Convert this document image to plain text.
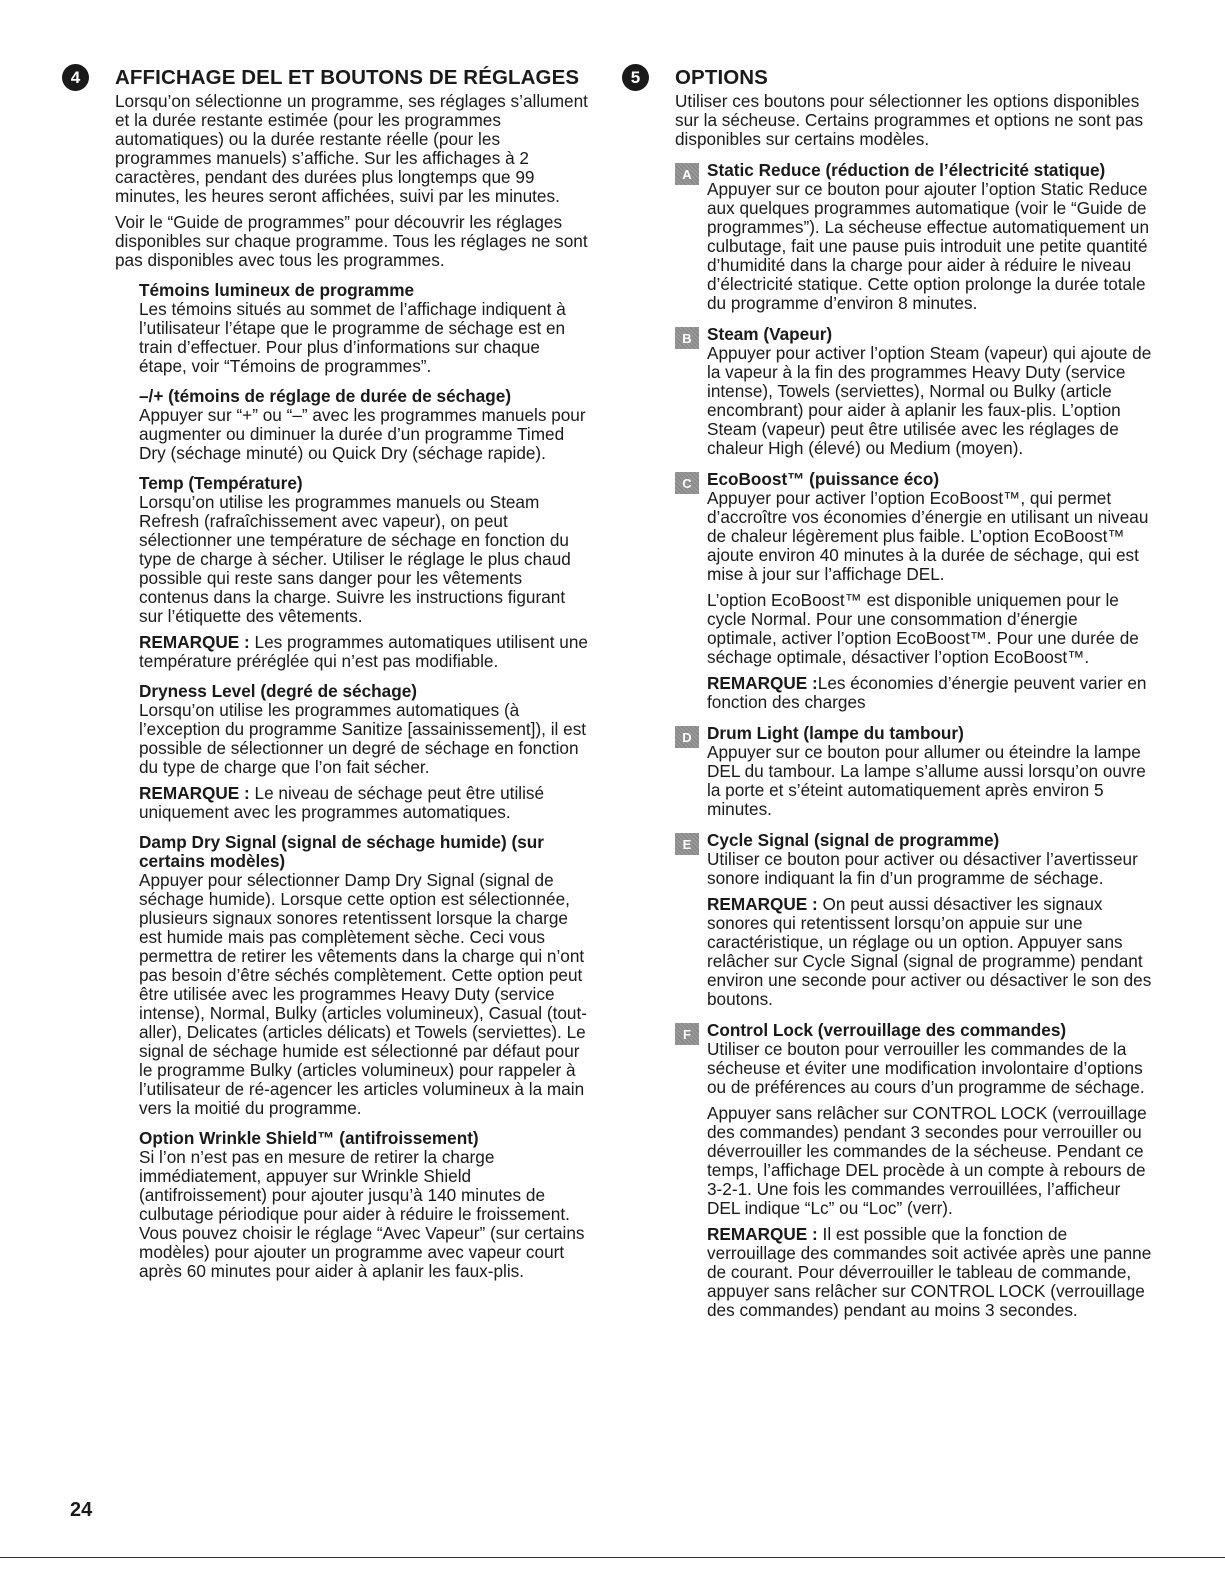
4	AFFICHAGE DEL ET BOUTONS DE RÉGLAGES

Lorsqu’on sélectionne un programme, ses réglages s’allument et la durée restante estimée (pour les programmes automatiques) ou la durée restante réelle (pour les programmes manuels) s’affiche. Sur les affichages à 2 caractères, pendant des durées plus longtemps que 99 minutes, les heures seront affichées, suivi par les minutes.

Voir le “Guide de programmes” pour découvrir les réglages disponibles sur chaque programme. Tous les réglages ne sont pas disponibles avec tous les programmes.

Témoins lumineux de programme

Les témoins situés au sommet de l’affichage indiquent à l’utilisateur l’étape que le programme de séchage est en train d’effectuer. Pour plus d’informations sur chaque étape, voir “Témoins de programmes”.

–/+ (témoins de réglage de durée de séchage)

Appuyer sur “+” ou “–” avec les programmes manuels pour augmenter ou diminuer la durée d’un programme Timed Dry (séchage minuté) ou Quick Dry (séchage rapide).

Temp (Température)

Lorsqu’on utilise les programmes manuels ou Steam Refresh (rafraîchissement avec vapeur), on peut sélectionner une température de séchage en fonction du type de charge à sécher. Utiliser le réglage le plus chaud possible qui reste sans danger pour les vêtements contenus dans la charge. Suivre les instructions figurant sur l’étiquette des vêtements.

REMARQUE : Les programmes automatiques utilisent une température préréglée qui n’est pas modifiable.

Dryness Level (degré de séchage)

Lorsqu’on utilise les programmes automatiques (à l’exception du programme Sanitize [assainissement]), il est possible de sélectionner un degré de séchage en fonction du type de charge que l’on fait sécher.

REMARQUE : Le niveau de séchage peut être utilisé uniquement avec les programmes automatiques.

Damp Dry Signal (signal de séchage humide) (sur certains modèles)

Appuyer pour sélectionner Damp Dry Signal (signal de séchage humide). Lorsque cette option est sélectionnée, plusieurs signaux sonores retentissent lorsque la charge est humide mais pas complètement sèche. Ceci vous permettra de retirer les vêtements dans la charge qui n’ont pas besoin d’être séchés complètement. Cette option peut être utilisée avec les programmes Heavy Duty (service intense), Normal, Bulky (articles volumineux), Casual (tout-aller), Delicates (articles délicats) et Towels (serviettes). Le signal de séchage humide est sélectionné par défaut pour le programme Bulky (articles volumineux) pour rappeler à l’utilisateur de ré-agencer les articles volumineux à la main vers la moitié du programme.

Option Wrinkle Shield™ (antifroissement)

Si l’on n’est pas en mesure de retirer la charge immédiatement, appuyer sur Wrinkle Shield (antifroissement) pour ajouter jusqu’à 140 minutes de culbutage périodique pour aider à réduire le froissement. Vous pouvez choisir le réglage “Avec Vapeur” (sur certains modèles) pour ajouter un programme avec vapeur court après 60 minutes pour aider à aplanir les faux-plis.

5	OPTIONS

Utiliser ces boutons pour sélectionner les options disponibles sur la sécheuse. Certains programmes et options ne sont pas disponibles sur certains modèles.

A Static Reduce (réduction de l’électricité statique)

Appuyer sur ce bouton pour ajouter l’option Static Reduce aux quelques programmes automatique (voir le “Guide de programmes”). La sécheuse effectue automatiquement un culbutage, fait une pause puis introduit une petite quantité d’humidité dans la charge pour aider à réduire le niveau d’électricité statique. Cette option prolonge la durée totale du programme d’environ 8 minutes.

B Steam (Vapeur)

Appuyer pour activer l’option Steam (vapeur) qui ajoute de la vapeur à la fin des programmes Heavy Duty (service intense), Towels (serviettes), Normal ou Bulky (article encombrant) pour aider à aplanir les faux-plis. L’option Steam (vapeur) peut être utilisée avec les réglages de chaleur High (élevé) ou Medium (moyen).

C EcoBoost™ (puissance éco)

Appuyer pour activer l’option EcoBoost™, qui permet d’accroître vos économies d’énergie en utilisant un niveau de chaleur légèrement plus faible. L’option EcoBoost™ ajoute environ 40 minutes à la durée de séchage, qui est mise à jour sur l’affichage DEL.

L’option EcoBoost™ est disponible uniquemen pour le cycle Normal. Pour une consommation d’énergie optimale, activer l’option EcoBoost™. Pour une durée de séchage optimale, désactiver l’option EcoBoost™.

REMARQUE :Les économies d’énergie peuvent varier en fonction des charges

D Drum Light (lampe du tambour)

Appuyer sur ce bouton pour allumer ou éteindre la lampe DEL du tambour. La lampe s’allume aussi lorsqu’on ouvre la porte et s’éteint automatiquement après environ 5 minutes.

E Cycle Signal (signal de programme)

Utiliser ce bouton pour activer ou désactiver l’avertisseur sonore indiquant la fin d’un programme de séchage.

REMARQUE : On peut aussi désactiver les signaux sonores qui retentissent lorsqu’on appuie sur une caractéristique, un réglage ou un option. Appuyer sans relâcher sur Cycle Signal (signal de programme) pendant environ une seconde pour activer ou désactiver le son des boutons.

F Control Lock (verrouillage des commandes)

Utiliser ce bouton pour verrouiller les commandes de la sécheuse et éviter une modification involontaire d’options ou de préférences au cours d’un programme de séchage.

Appuyer sans relâcher sur CONTROL LOCK (verrouillage des commandes) pendant 3 secondes pour verrouiller ou déverrouiller les commandes de la sécheuse. Pendant ce temps, l’affichage DEL procède à un compte à rebours de 3-2-1. Une fois les commandes verrouillées, l’afficheur DEL indique “Lc” ou “Loc” (verr).

REMARQUE : Il est possible que la fonction de verrouillage des commandes soit activée après une panne de courant. Pour déverrouiller le tableau de commande, appuyer sans relâcher sur CONTROL LOCK (verrouillage des commandes) pendant au moins 3 secondes.

24
